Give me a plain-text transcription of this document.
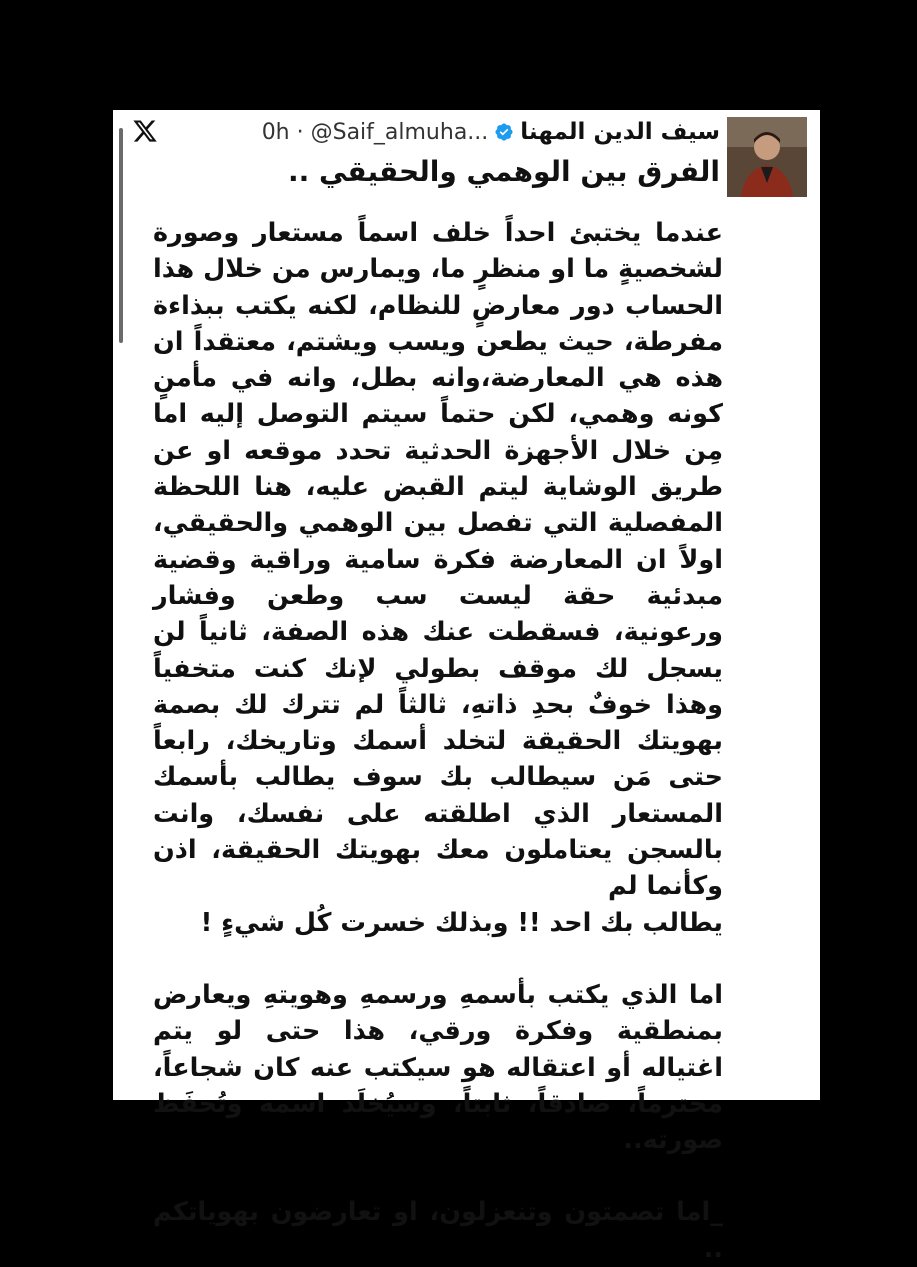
سيف الدين المهنا0h · @Saif_almuha...
الفرق بين الوهمي والحقيقي ..

عندما يختبئ احداً خلف اسماً مستعار وصورة لشخصيةٍ ما او منظرٍ ما، ويمارس من خلال هذا الحساب دور معارضٍ للنظام، لكنه يكتب ببذاءة مفرطة، حيث يطعن ويسب ويشتم، معتقداً ان هذه هي المعارضة،وانه بطل، وانه في مأمنٍ كونه وهمي، لكن حتماً سيتم التوصل إليه اما مِن خلال الأجهزة الحدثية تحدد موقعه او عن طريق الوشاية ليتم القبض عليه، هنا اللحظة المفصلية التي تفصل بين الوهمي والحقيقي، اولاً ان المعارضة فكرة سامية وراقية وقضية مبدئية حقة ليست سب وطعن وفشار ورعونية، فسقطت عنك هذه الصفة، ثانياً لن يسجل لك موقف بطولي لإنك كنت متخفياً وهذا خوفٌ بحدِ ذاتهِ، ثالثاً لم تترك لك بصمة بهويتك الحقيقة لتخلد أسمك وتاريخك، رابعاً حتى مَن سيطالب بك سوف يطالب بأسمك المستعار الذي اطلقته على نفسك، وانت بالسجن يعتاملون معك بهويتك الحقيقة، اذن وكأنما لم

يطالب بك احد !! وبذلك خسرت كُل شيءٍ !

اما الذي يكتب بأسمهِ ورسمهِ وهويتهِ ويعارض بمنطقية وفكرة ورقي، هذا حتى لو يتم اغتياله أو اعتقاله هو سيكتب عنه كان شجاعاً، محترماً، صادقاً، ثابتاً، وسيُخلَد اسمه وتُحفَظ صورته..

_اما تصمتون وتنعزلون، او تعارضون بهوياتكم ..
